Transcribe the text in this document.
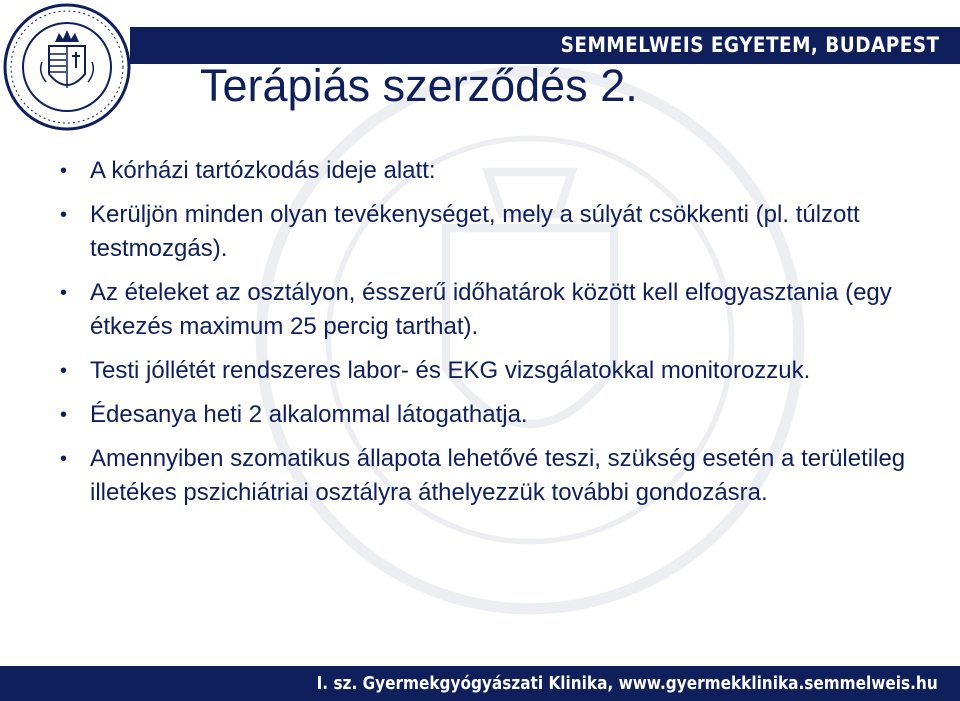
SEMMELWEIS EGYETEM, BUDAPEST
Terápiás szerződés 2.
• A kórházi tartózkodás ideje alatt:
• Kerüljön minden olyan tevékenységet, mely a súlyát csökkenti (pl. túlzott testmozgás).
• Az ételeket az osztályon, ésszerű időhatárok között kell elfogyasztania (egy étkezés maximum 25 percig tarthat).
• Testi jóllétét rendszeres labor- és EKG vizsgálatokkal monitorozzuk.
• Édesanya heti 2 alkalommal látogathatja.
• Amennyiben szomatikus állapota lehetővé teszi, szükség esetén a területileg illetékes pszichiátriai osztályra áthelyezzük további gondozásra.
I. sz. Gyermekgyógyászati Klinika, www.gyermekklinika.semmelweis.hu
